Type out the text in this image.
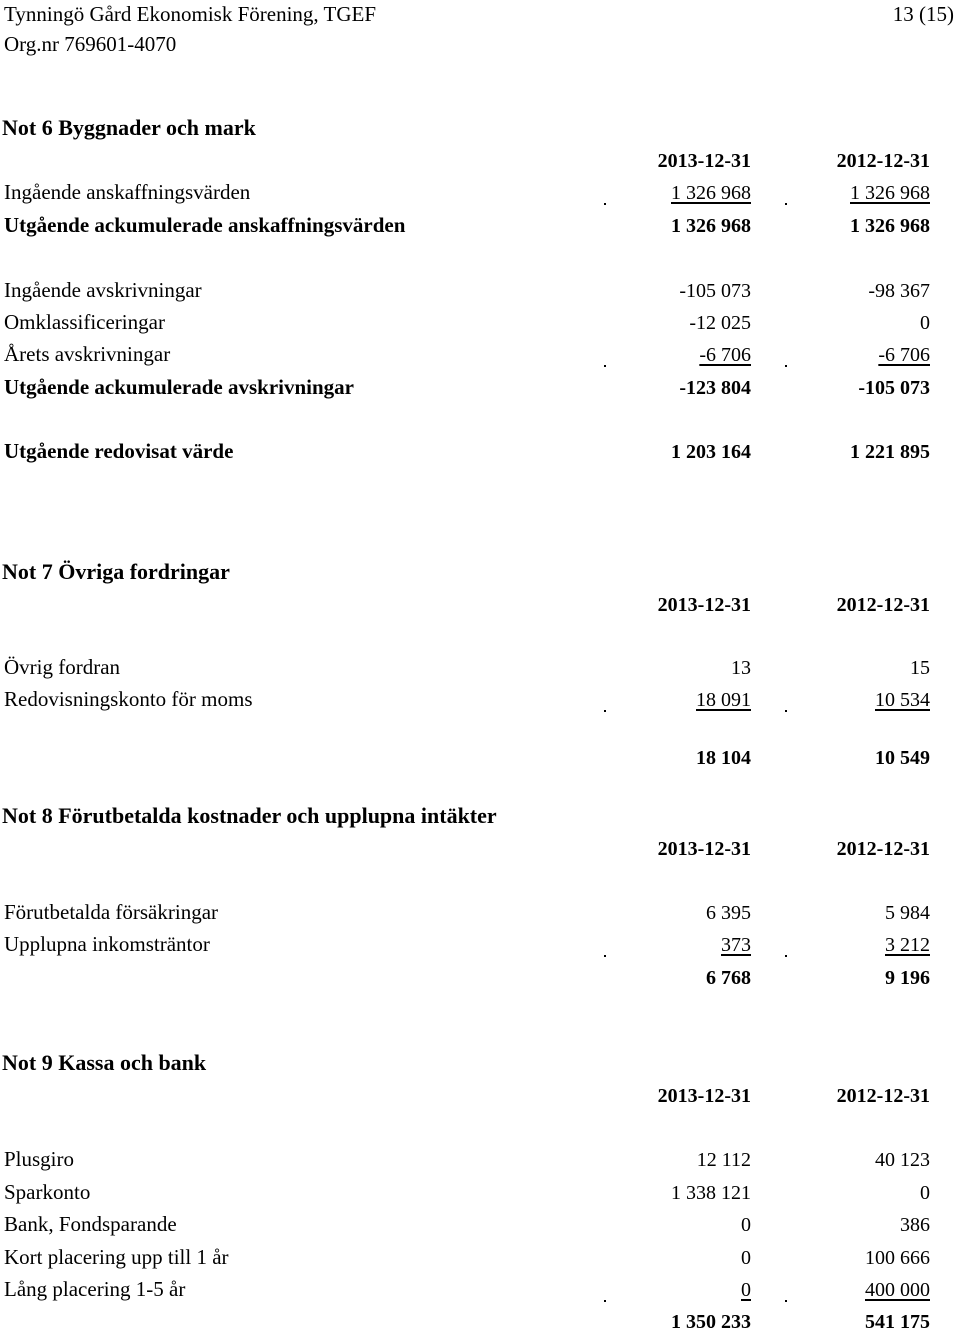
Tynningö Gård Ekonomisk Förening, TGEF
Org.nr 769601-4070
13 (15)
Not 6 Byggnader och mark
2013-12-31	2012-12-31
Ingående anskaffningsvärden	1 326 968	1 326 968
Utgående ackumulerade anskaffningsvärden	1 326 968	1 326 968
Ingående avskrivningar	-105 073	-98 367
Omklassificeringar	-12 025	0
Årets avskrivningar	-6 706	-6 706
Utgående ackumulerade avskrivningar	-123 804	-105 073
Utgående redovisat värde	1 203 164	1 221 895
Not 7 Övriga fordringar
2013-12-31	2012-12-31
Övrig fordran	13	15
Redovisningskonto för moms	18 091	10 534
18 104	10 549
Not 8 Förutbetalda kostnader och upplupna intäkter
2013-12-31	2012-12-31
Förutbetalda försäkringar	6 395	5 984
Upplupna inkomsträntor	373	3 212
6 768	9 196
Not 9 Kassa och bank
2013-12-31	2012-12-31
Plusgiro	12 112	40 123
Sparkonto	1 338 121	0
Bank, Fondsparande	0	386
Kort placering upp till 1 år	0	100 666
Lång placering 1-5 år	0	400 000
1 350 233	541 175
